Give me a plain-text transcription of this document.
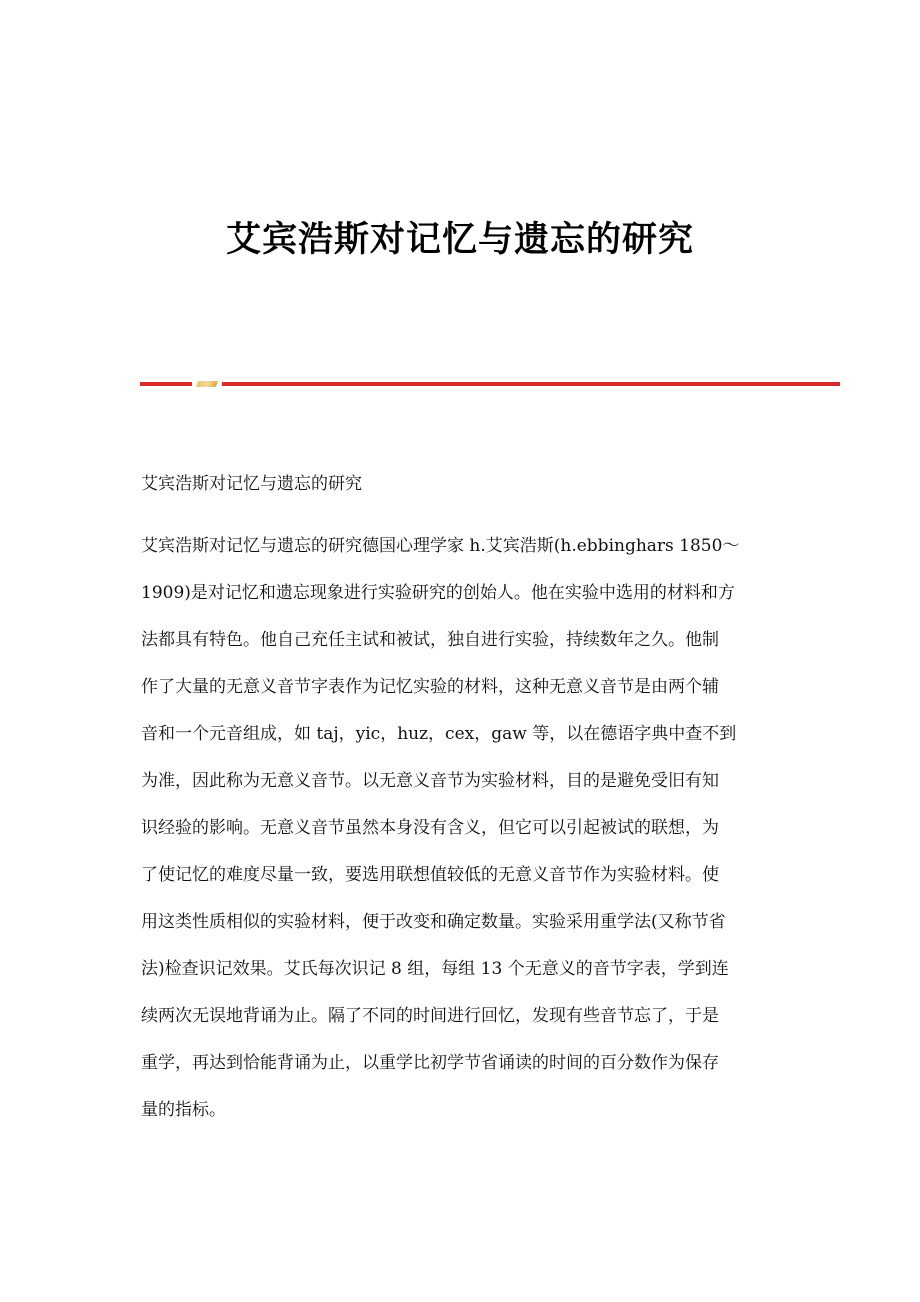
艾宾浩斯对记忆与遗忘的研究
艾宾浩斯对记忆与遗忘的研究
艾宾浩斯对记忆与遗忘的研究德国心理学家 h.艾宾浩斯(h.ebbinghars 1850～
1909)是对记忆和遗忘现象进行实验研究的创始人。他在实验中选用的材料和方
法都具有特色。他自己充任主试和被试，独自进行实验，持续数年之久。他制
作了大量的无意义音节字表作为记忆实验的材料，这种无意义音节是由两个辅
音和一个元音组成，如 taj，yic，huz，cex，gaw 等，以在德语字典中查不到
为准，因此称为无意义音节。以无意义音节为实验材料，目的是避免受旧有知
识经验的影响。无意义音节虽然本身没有含义，但它可以引起被试的联想，为
了使记忆的难度尽量一致，要选用联想值较低的无意义音节作为实验材料。使
用这类性质相似的实验材料，便于改变和确定数量。实验采用重学法(又称节省
法)检查识记效果。艾氏每次识记 8 组，每组 13 个无意义的音节字表，学到连
续两次无误地背诵为止。隔了不同的时间进行回忆，发现有些音节忘了，于是
重学，再达到恰能背诵为止，以重学比初学节省诵读的时间的百分数作为保存
量的指标。
